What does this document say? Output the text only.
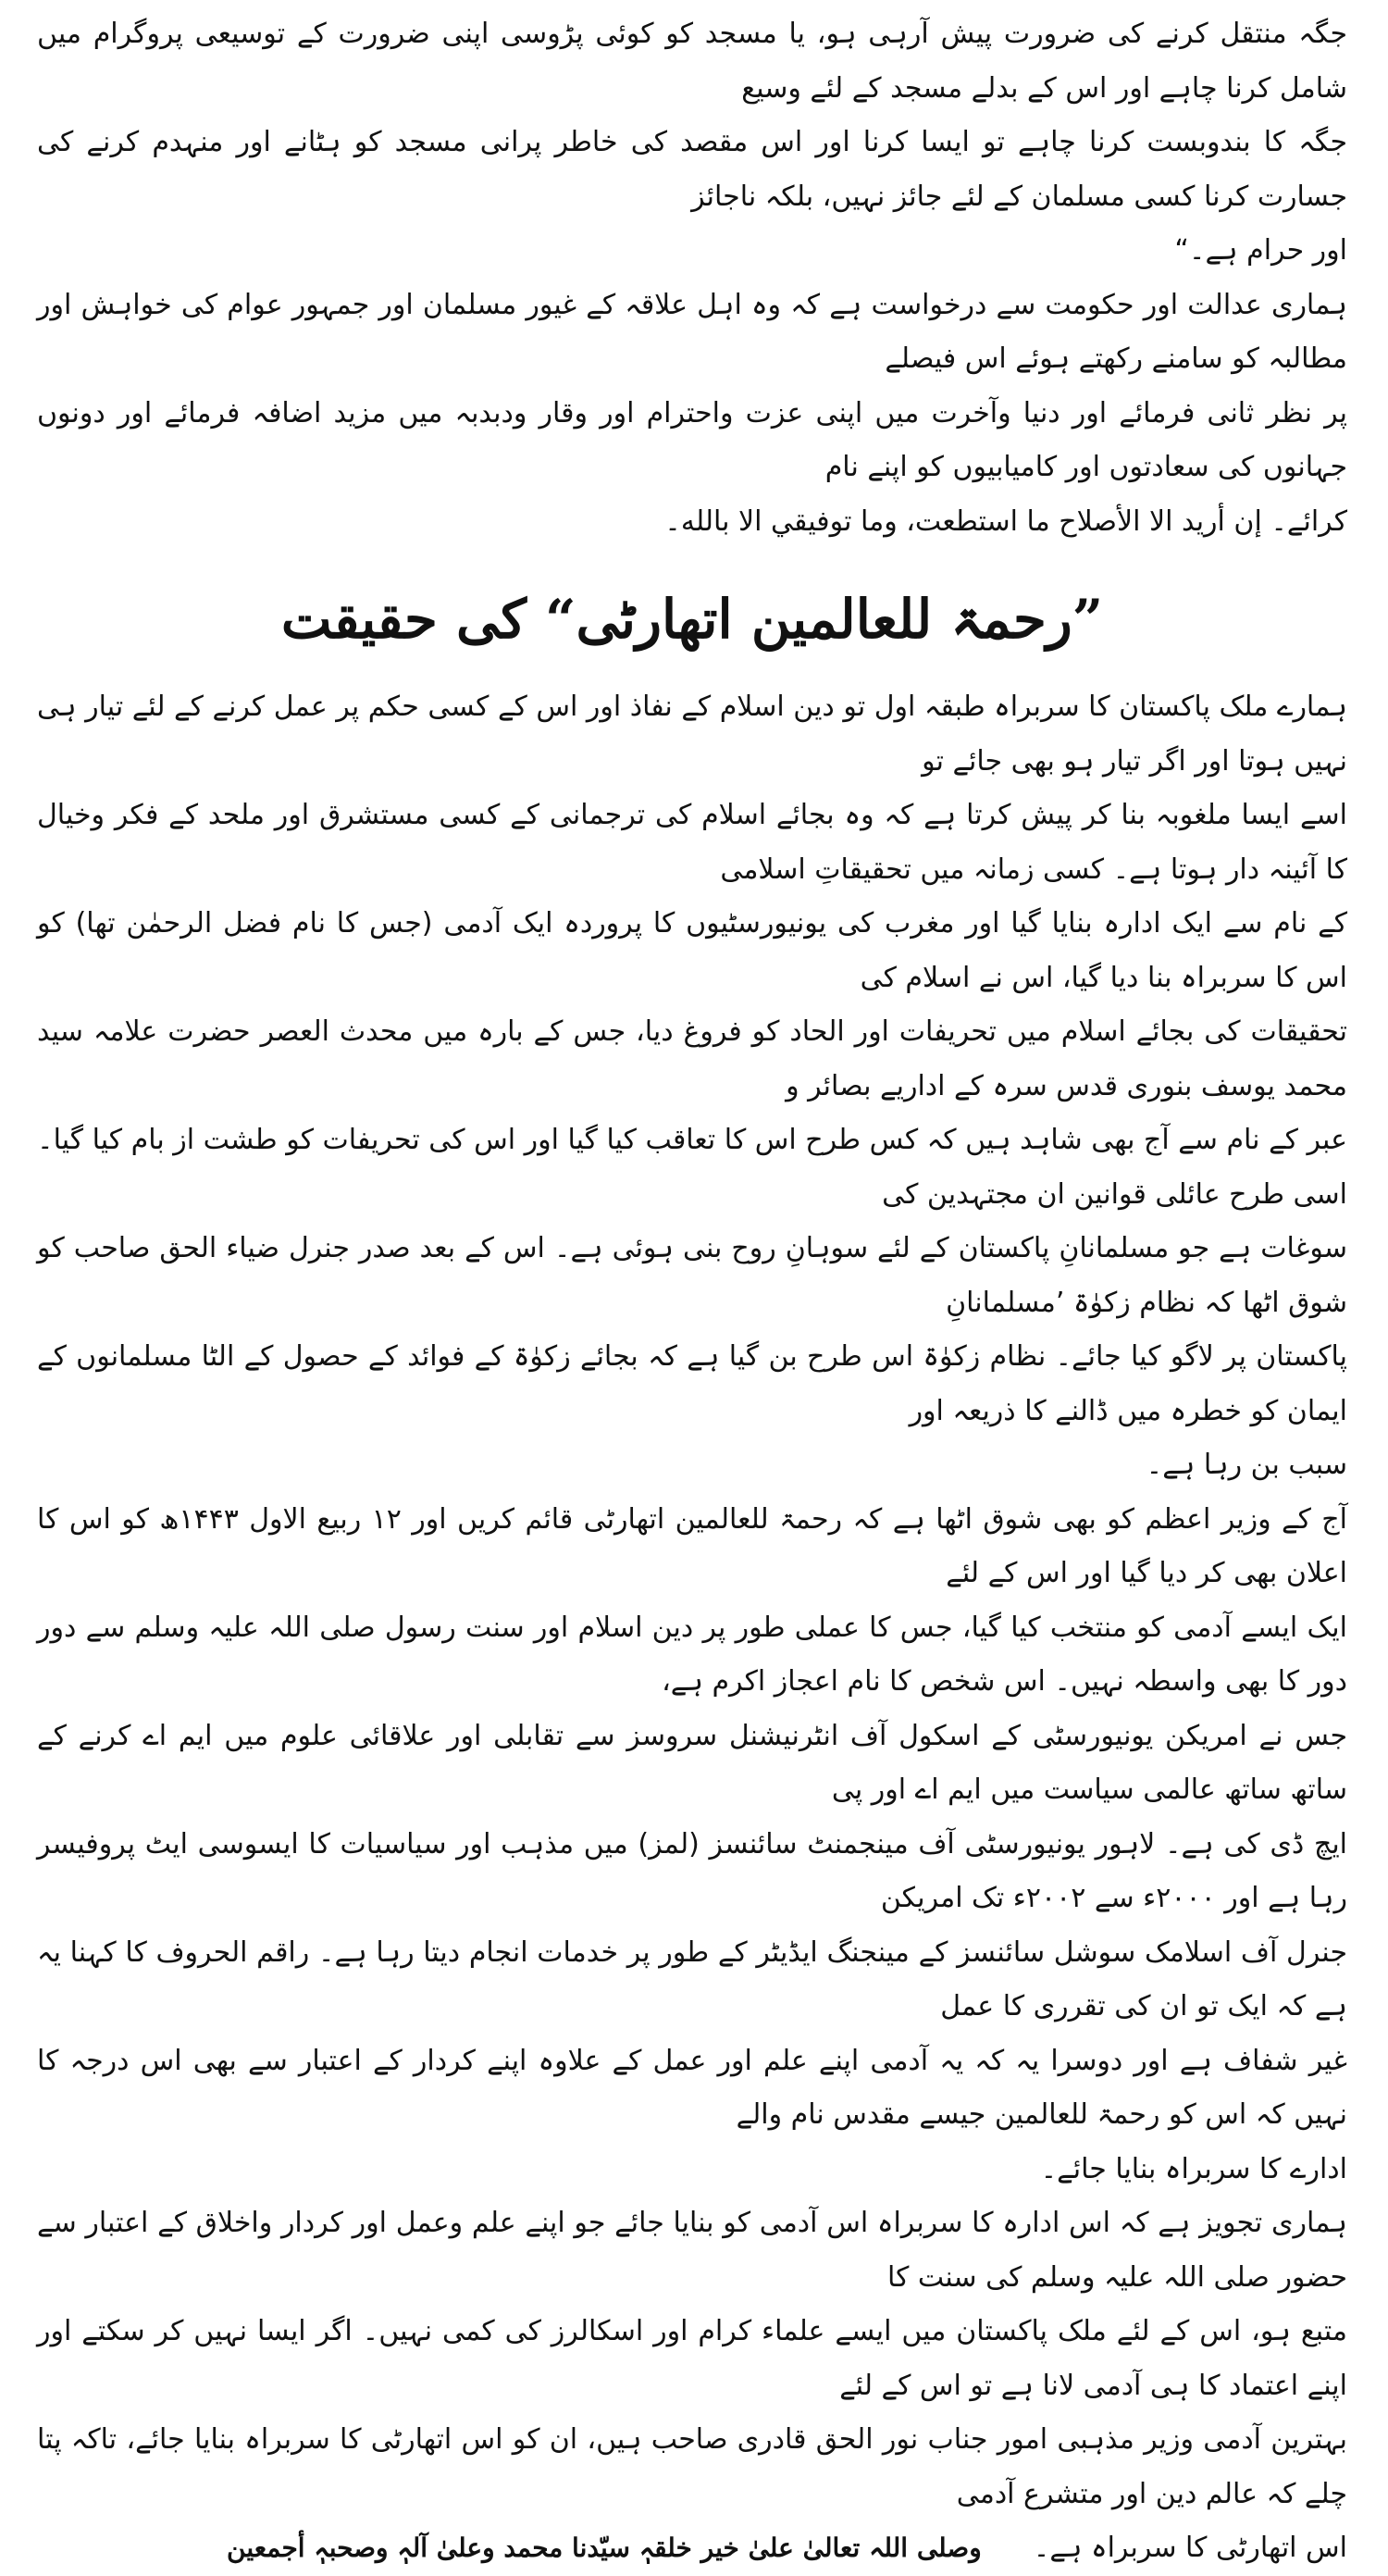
جگہ منتقل کرنے کی ضرورت پیش آرہی ہو، یا مسجد کو کوئی پڑوسی اپنی ضرورت کے توسیعی پروگرام میں شامل کرنا چاہے اور اس کے بدلے مسجد کے لئے وسیع

جگہ کا بندوبست کرنا چاہے تو ایسا کرنا اور اس مقصد کی خاطر پرانی مسجد کو ہٹانے اور منہدم کرنے کی جسارت کرنا کسی مسلمان کے لئے جائز نہیں، بلکہ ناجائز

اور حرام ہے۔“

ہماری عدالت اور حکومت سے درخواست ہے کہ وہ اہل علاقہ کے غیور مسلمان اور جمہور عوام کی خواہش اور مطالبہ کو سامنے رکھتے ہوئے اس فیصلے

پر نظر ثانی فرمائے اور دنیا وآخرت میں اپنی عزت واحترام اور وقار ودبدبہ میں مزید اضافہ فرمائے اور دونوں جہانوں کی سعادتوں اور کامیابیوں کو اپنے نام

کرائے۔ إن أريد الا الأصلاح ما استطعت، وما توفيقي الا بالله۔

”رحمۃ للعالمین اتھارٹی“ کی حقیقت

ہمارے ملک پاکستان کا سربراہ طبقہ اول تو دین اسلام کے نفاذ اور اس کے کسی حکم پر عمل کرنے کے لئے تیار ہی نہیں ہوتا اور اگر تیار ہو بھی جائے تو

اسے ایسا ملغوبہ بنا کر پیش کرتا ہے کہ وہ بجائے اسلام کی ترجمانی کے کسی مستشرق اور ملحد کے فکر وخیال کا آئینہ دار ہوتا ہے۔ کسی زمانہ میں تحقیقاتِ اسلامی

کے نام سے ایک ادارہ بنایا گیا اور مغرب کی یونیورسٹیوں کا پروردہ ایک آدمی (جس کا نام فضل الرحمٰن تھا) کو اس کا سربراہ بنا دیا گیا، اس نے اسلام کی

تحقیقات کی بجائے اسلام میں تحریفات اور الحاد کو فروغ دیا، جس کے بارہ میں محدث العصر حضرت علامہ سید محمد یوسف بنوری قدس سرہ کے اداریے بصائر و

عبر کے نام سے آج بھی شاہد ہیں کہ کس طرح اس کا تعاقب کیا گیا اور اس کی تحریفات کو طشت از بام کیا گیا۔ اسی طرح عائلی قوانین ان مجتہدین کی

سوغات ہے جو مسلمانانِ پاکستان کے لئے سوہانِ روح بنی ہوئی ہے۔ اس کے بعد صدر جنرل ضیاء الحق صاحب کو شوق اٹھا کہ نظام زکوٰۃ ’مسلمانانِ

پاکستان پر لاگو کیا جائے۔ نظام زکوٰۃ اس طرح بن گیا ہے کہ بجائے زکوٰۃ کے فوائد کے حصول کے الٹا مسلمانوں کے ایمان کو خطرہ میں ڈالنے کا ذریعہ اور

سبب بن رہا ہے۔

آج کے وزیر اعظم کو بھی شوق اٹھا ہے کہ رحمۃ للعالمین اتھارٹی قائم کریں اور ۱۲ ربیع الاول ۱۴۴۳ھ کو اس کا اعلان بھی کر دیا گیا اور اس کے لئے

ایک ایسے آدمی کو منتخب کیا گیا، جس کا عملی طور پر دین اسلام اور سنت رسول صلی اللہ علیہ وسلم سے دور دور کا بھی واسطہ نہیں۔ اس شخص کا نام اعجاز اکرم ہے،

جس نے امریکن یونیورسٹی کے اسکول آف انٹرنیشنل سروسز سے تقابلی اور علاقائی علوم میں ایم اے کرنے کے ساتھ ساتھ عالمی سیاست میں ایم اے اور پی

ایچ ڈی کی ہے۔ لاہور یونیورسٹی آف مینجمنٹ سائنسز (لمز) میں مذہب اور سیاسیات کا ایسوسی ایٹ پروفیسر رہا ہے اور ۲۰۰۰ء سے ۲۰۰۲ء تک امریکن

جنرل آف اسلامک سوشل سائنسز کے مینجنگ ایڈیٹر کے طور پر خدمات انجام دیتا رہا ہے۔ راقم الحروف کا کہنا یہ ہے کہ ایک تو ان کی تقرری کا عمل

غیر شفاف ہے اور دوسرا یہ کہ یہ آدمی اپنے علم اور عمل کے علاوہ اپنے کردار کے اعتبار سے بھی اس درجہ کا نہیں کہ اس کو رحمۃ للعالمین جیسے مقدس نام والے

ادارے کا سربراہ بنایا جائے۔

ہماری تجویز ہے کہ اس ادارہ کا سربراہ اس آدمی کو بنایا جائے جو اپنے علم وعمل اور کردار واخلاق کے اعتبار سے حضور صلی اللہ علیہ وسلم کی سنت کا

متبع ہو، اس کے لئے ملک پاکستان میں ایسے علماء کرام اور اسکالرز کی کمی نہیں۔ اگر ایسا نہیں کر سکتے اور اپنے اعتماد کا ہی آدمی لانا ہے تو اس کے لئے

بہترین آدمی وزیر مذہبی امور جناب نور الحق قادری صاحب ہیں، ان کو اس اتھارٹی کا سربراہ بنایا جائے، تاکہ پتا چلے کہ عالم دین اور متشرع آدمی

اس اتھارٹی کا سربراہ ہے۔
وصلی اللہ تعالیٰ علیٰ خیر خلقہٖ سیّدنا محمد وعلیٰ آلہٖ وصحبہٖ أجمعین
